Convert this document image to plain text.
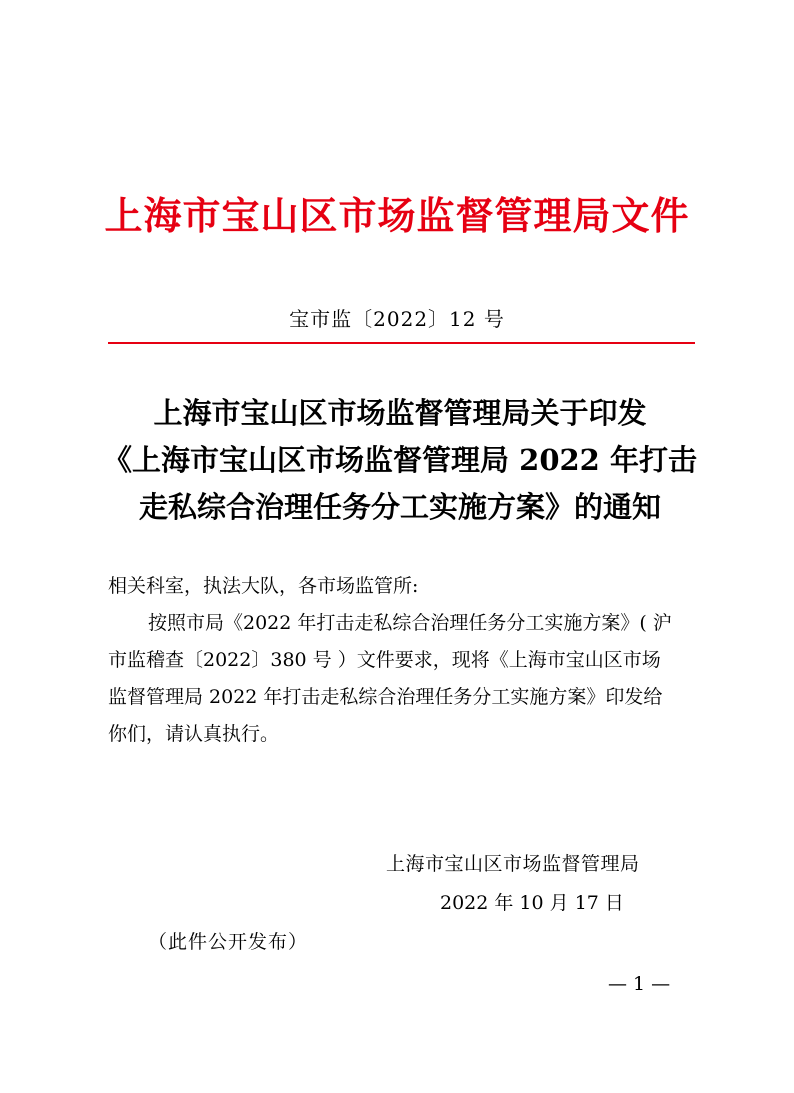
上海市宝山区市场监督管理局文件
宝市监〔2022〕12 号
上海市宝山区市场监督管理局关于印发
《上海市宝山区市场监督管理局 2022 年打击
走私综合治理任务分工实施方案》的通知
相关科室，执法大队，各市场监管所:
按照市局《2022 年打击走私综合治理任务分工实施方案》( 沪
市监稽查〔2022〕380 号 ）文件要求，现将《上海市宝山区市场
监督管理局 2022 年打击走私综合治理任务分工实施方案》印发给
你们，请认真执行。
上海市宝山区市场监督管理局
2022 年 10 月 17 日
（此件公开发布）
— 1 —
